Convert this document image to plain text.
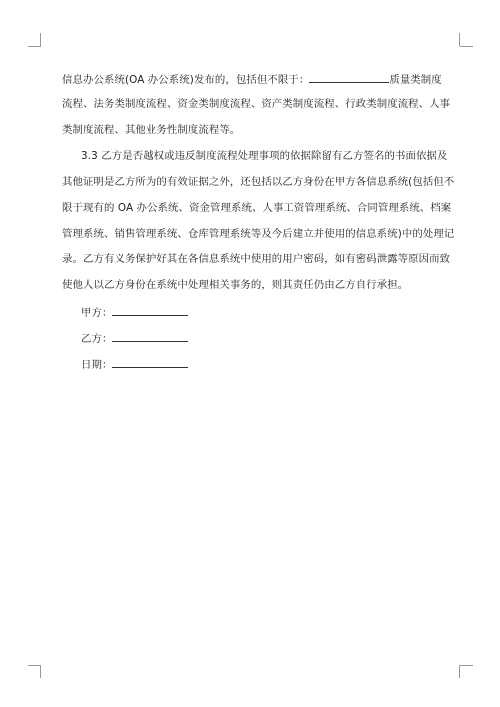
信息办公系统(OA 办公系统)发布的，包括但不限于：	质量类制度
流程、法务类制度流程、资金类制度流程、资产类制度流程、行政类制度流程、人事
类制度流程、其他业务性制度流程等。
3.3 乙方是否越权或违反制度流程处理事项的依据除留有乙方签名的书面依据及
其他证明是乙方所为的有效证据之外，还包括以乙方身份在甲方各信息系统(包括但不
限于现有的 OA 办公系统、资金管理系统、人事工资管理系统、合同管理系统、档案
管理系统、销售管理系统、仓库管理系统等及今后建立并使用的信息系统)中的处理记
录。乙方有义务保护好其在各信息系统中使用的用户密码，如有密码泄露等原因而致
使他人以乙方身份在系统中处理相关事务的，则其责任仍由乙方自行承担。
甲方：
乙方：
日期：
